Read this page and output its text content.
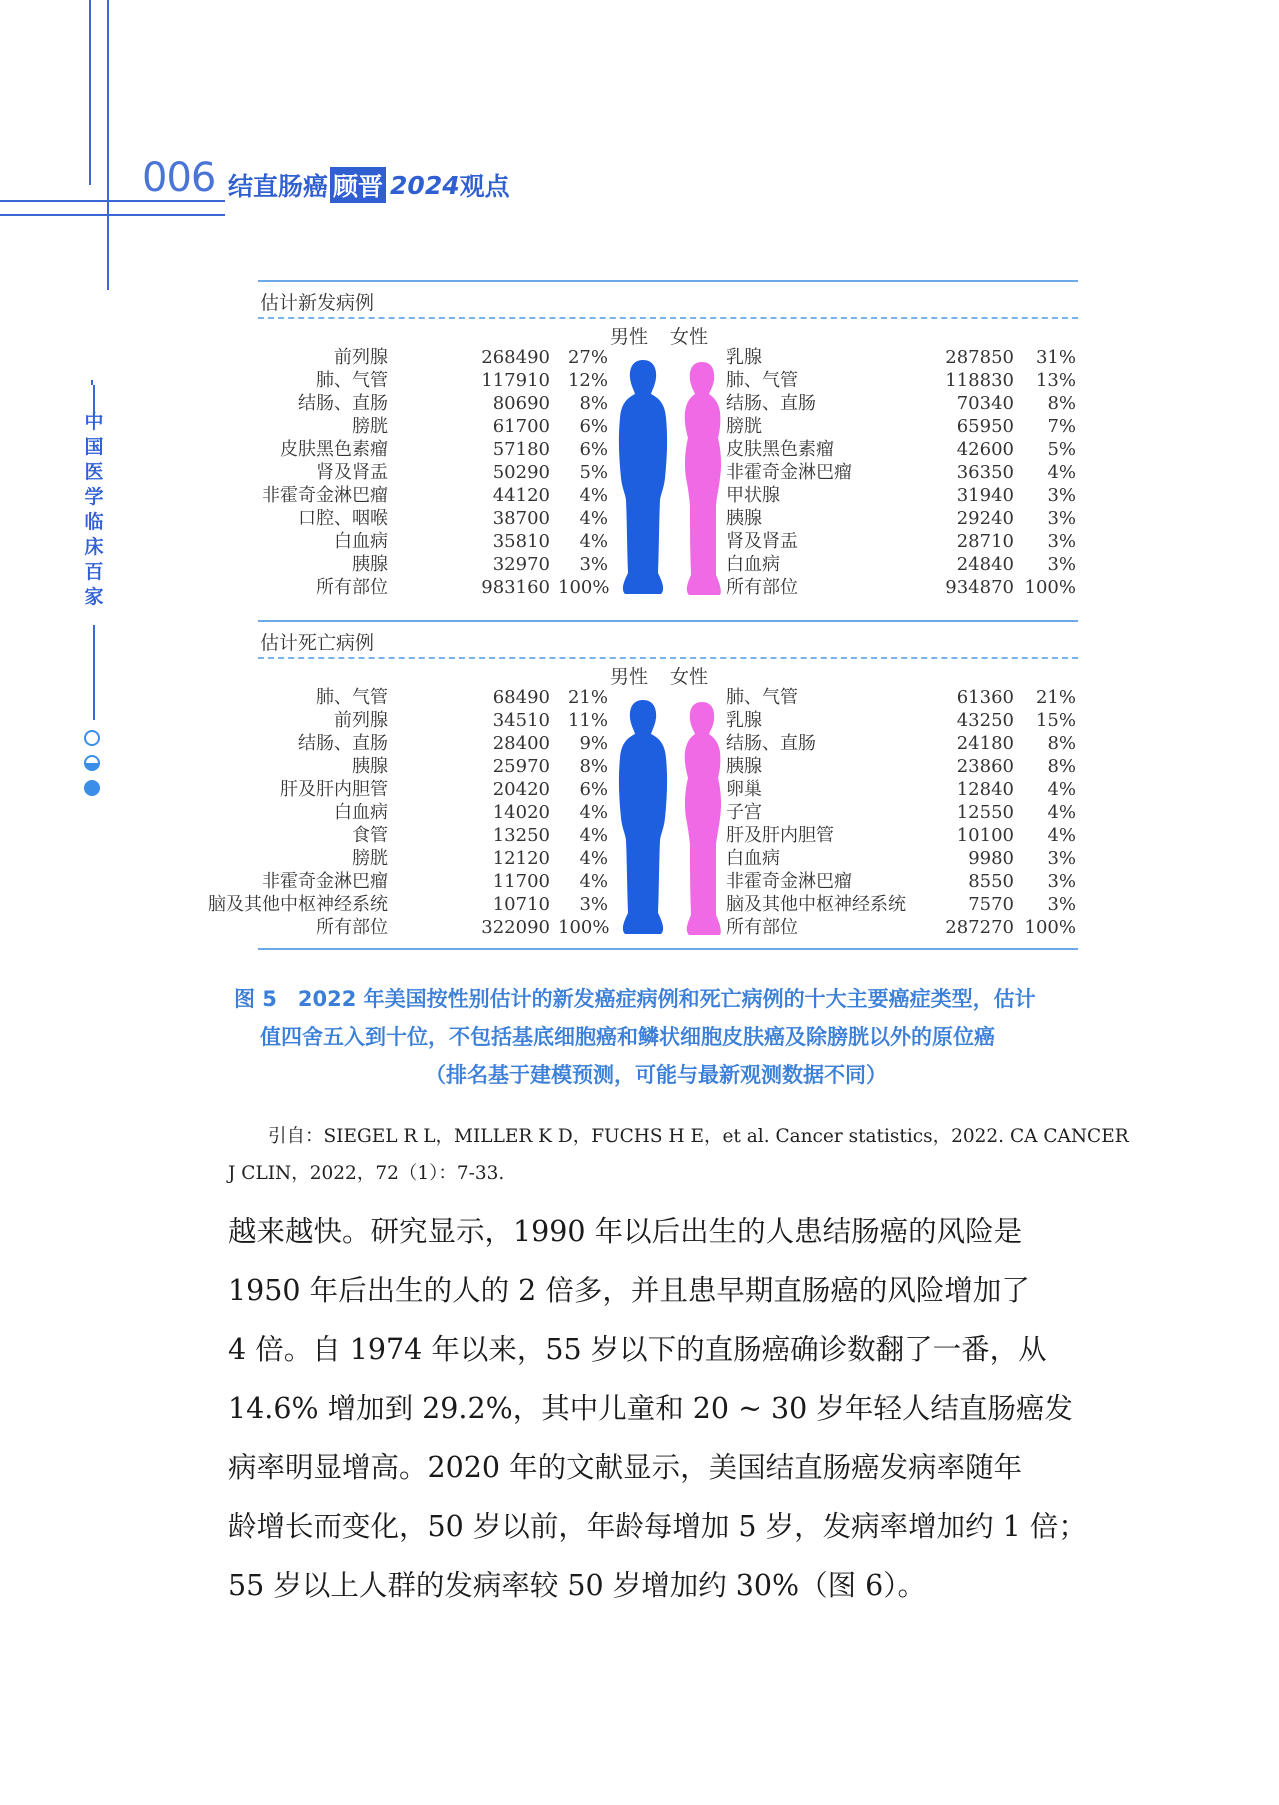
006 结直肠癌 顾晋 2024 观点
中
国
医
学
临
床
百
家
估计新发病例
男性 女性
前列腺	268490 27%
肺、气管	117910 12%
结肠、直肠	80690	8%
膀胱	61700	6%
皮肤黑色素瘤	57180	6%
肾及肾盂	50290	5%
非霍奇金淋巴瘤	44120	4%
口腔、咽喉	38700	4%
白血病	35810	4%
胰腺	32970	3%
所有部位	983160 100%
乳腺	287850	31%
肺、气管	118830	13%
结肠、直肠	70340	8%
膀胱	65950	7%
皮肤黑色素瘤	42600	5%
非霍奇金淋巴瘤	36350	4%
甲状腺	31940	3%
胰腺	29240	3%
肾及肾盂	28710	3%
白血病	24840	3%
所有部位	934870 100%
估计死亡病例
男性 女性
肺、气管	68490 21%
前列腺	34510 11%
结肠、直肠	28400	9%
胰腺	25970	8%
肝及肝内胆管	20420	6%
白血病	14020	4%
食管	13250	4%
膀胱	12120	4%
非霍奇金淋巴瘤	11700	4%
脑及其他中枢神经系统	10710	3%
所有部位	322090 100%
肺、气管	61360	21%
乳腺	43250	15%
结肠、直肠	24180	8%
胰腺	23860	8%
卵巢	12840	4%
子宫	12550	4%
肝及肝内胆管	10100	4%
白血病	9980	3%
非霍奇金淋巴瘤	8550	3%
脑及其他中枢神经系统	7570	3%
所有部位	287270 100%
图 5　2022 年美国按性别估计的新发癌症病例和死亡病例的十大主要癌症类型，估计
值四舍五入到十位，不包括基底细胞癌和鳞状细胞皮肤癌及除膀胱以外的原位癌
（排名基于建模预测，可能与最新观测数据不同）
引自：SIEGEL R L，MILLER K D，FUCHS H E，et al. Cancer statistics，2022. CA CANCER
J CLIN，2022，72（1）：7-33.
越来越快。研究显示，1990 年以后出生的人患结肠癌的风险是
1950 年后出生的人的 2 倍多，并且患早期直肠癌的风险增加了
4 倍。自 1974 年以来，55 岁以下的直肠癌确诊数翻了一番，从
14.6% 增加到 29.2%，其中儿童和 20 ~ 30 岁年轻人结直肠癌发
病率明显增高。2020 年的文献显示，美国结直肠癌发病率随年
龄增长而变化，50 岁以前，年龄每增加 5 岁，发病率增加约 1 倍；
55 岁以上人群的发病率较 50 岁增加约 30%（图 6）。
